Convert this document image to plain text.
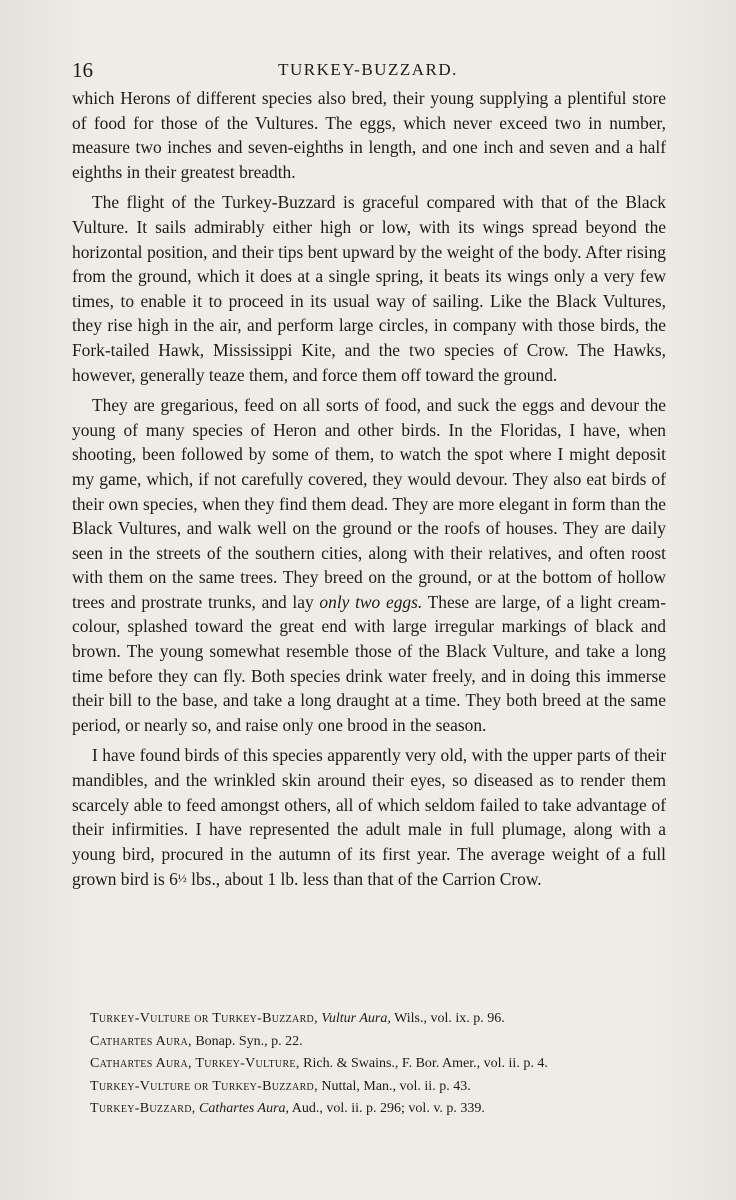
16	TURKEY-BUZZARD.

which Herons of different species also bred, their young supplying a plentiful store of food for those of the Vultures. The eggs, which never exceed two in number, measure two inches and seven-eighths in length, and one inch and seven and a half eighths in their greatest breadth.

The flight of the Turkey-Buzzard is graceful compared with that of the Black Vulture. It sails admirably either high or low, with its wings spread beyond the horizontal position, and their tips bent upward by the weight of the body. After rising from the ground, which it does at a single spring, it beats its wings only a very few times, to enable it to proceed in its usual way of sailing. Like the Black Vultures, they rise high in the air, and perform large circles, in company with those birds, the Fork-tailed Hawk, Mississippi Kite, and the two species of Crow. The Hawks, however, generally teaze them, and force them off toward the ground.

They are gregarious, feed on all sorts of food, and suck the eggs and devour the young of many species of Heron and other birds. In the Floridas, I have, when shooting, been followed by some of them, to watch the spot where I might deposit my game, which, if not carefully covered, they would devour. They also eat birds of their own species, when they find them dead. They are more elegant in form than the Black Vultures, and walk well on the ground or the roofs of houses. They are daily seen in the streets of the southern cities, along with their relatives, and often roost with them on the same trees. They breed on the ground, or at the bottom of hollow trees and prostrate trunks, and lay only two eggs. These are large, of a light cream-colour, splashed toward the great end with large irregular markings of black and brown. The young somewhat resemble those of the Black Vulture, and take a long time before they can fly. Both species drink water freely, and in doing this immerse their bill to the base, and take a long draught at a time. They both breed at the same period, or nearly so, and raise only one brood in the season.

I have found birds of this species apparently very old, with the upper parts of their mandibles, and the wrinkled skin around their eyes, so diseased as to render them scarcely able to feed amongst others, all of which seldom failed to take advantage of their infirmities. I have represented the adult male in full plumage, along with a young bird, procured in the autumn of its first year. The average weight of a full grown bird is 6½ lbs., about 1 lb. less than that of the Carrion Crow.

Turkey-Vulture or Turkey-Buzzard, Vultur Aura, Wils., vol. ix. p. 96.
Cathartes Aura, Bonap. Syn., p. 22.
Cathartes Aura, Turkey-Vulture, Rich. & Swains., F. Bor. Amer., vol. ii. p. 4.
Turkey-Vulture or Turkey-Buzzard, Nuttal, Man., vol. ii. p. 43.
Turkey-Buzzard, Cathartes Aura, Aud., vol. ii. p. 296; vol. v. p. 339.
